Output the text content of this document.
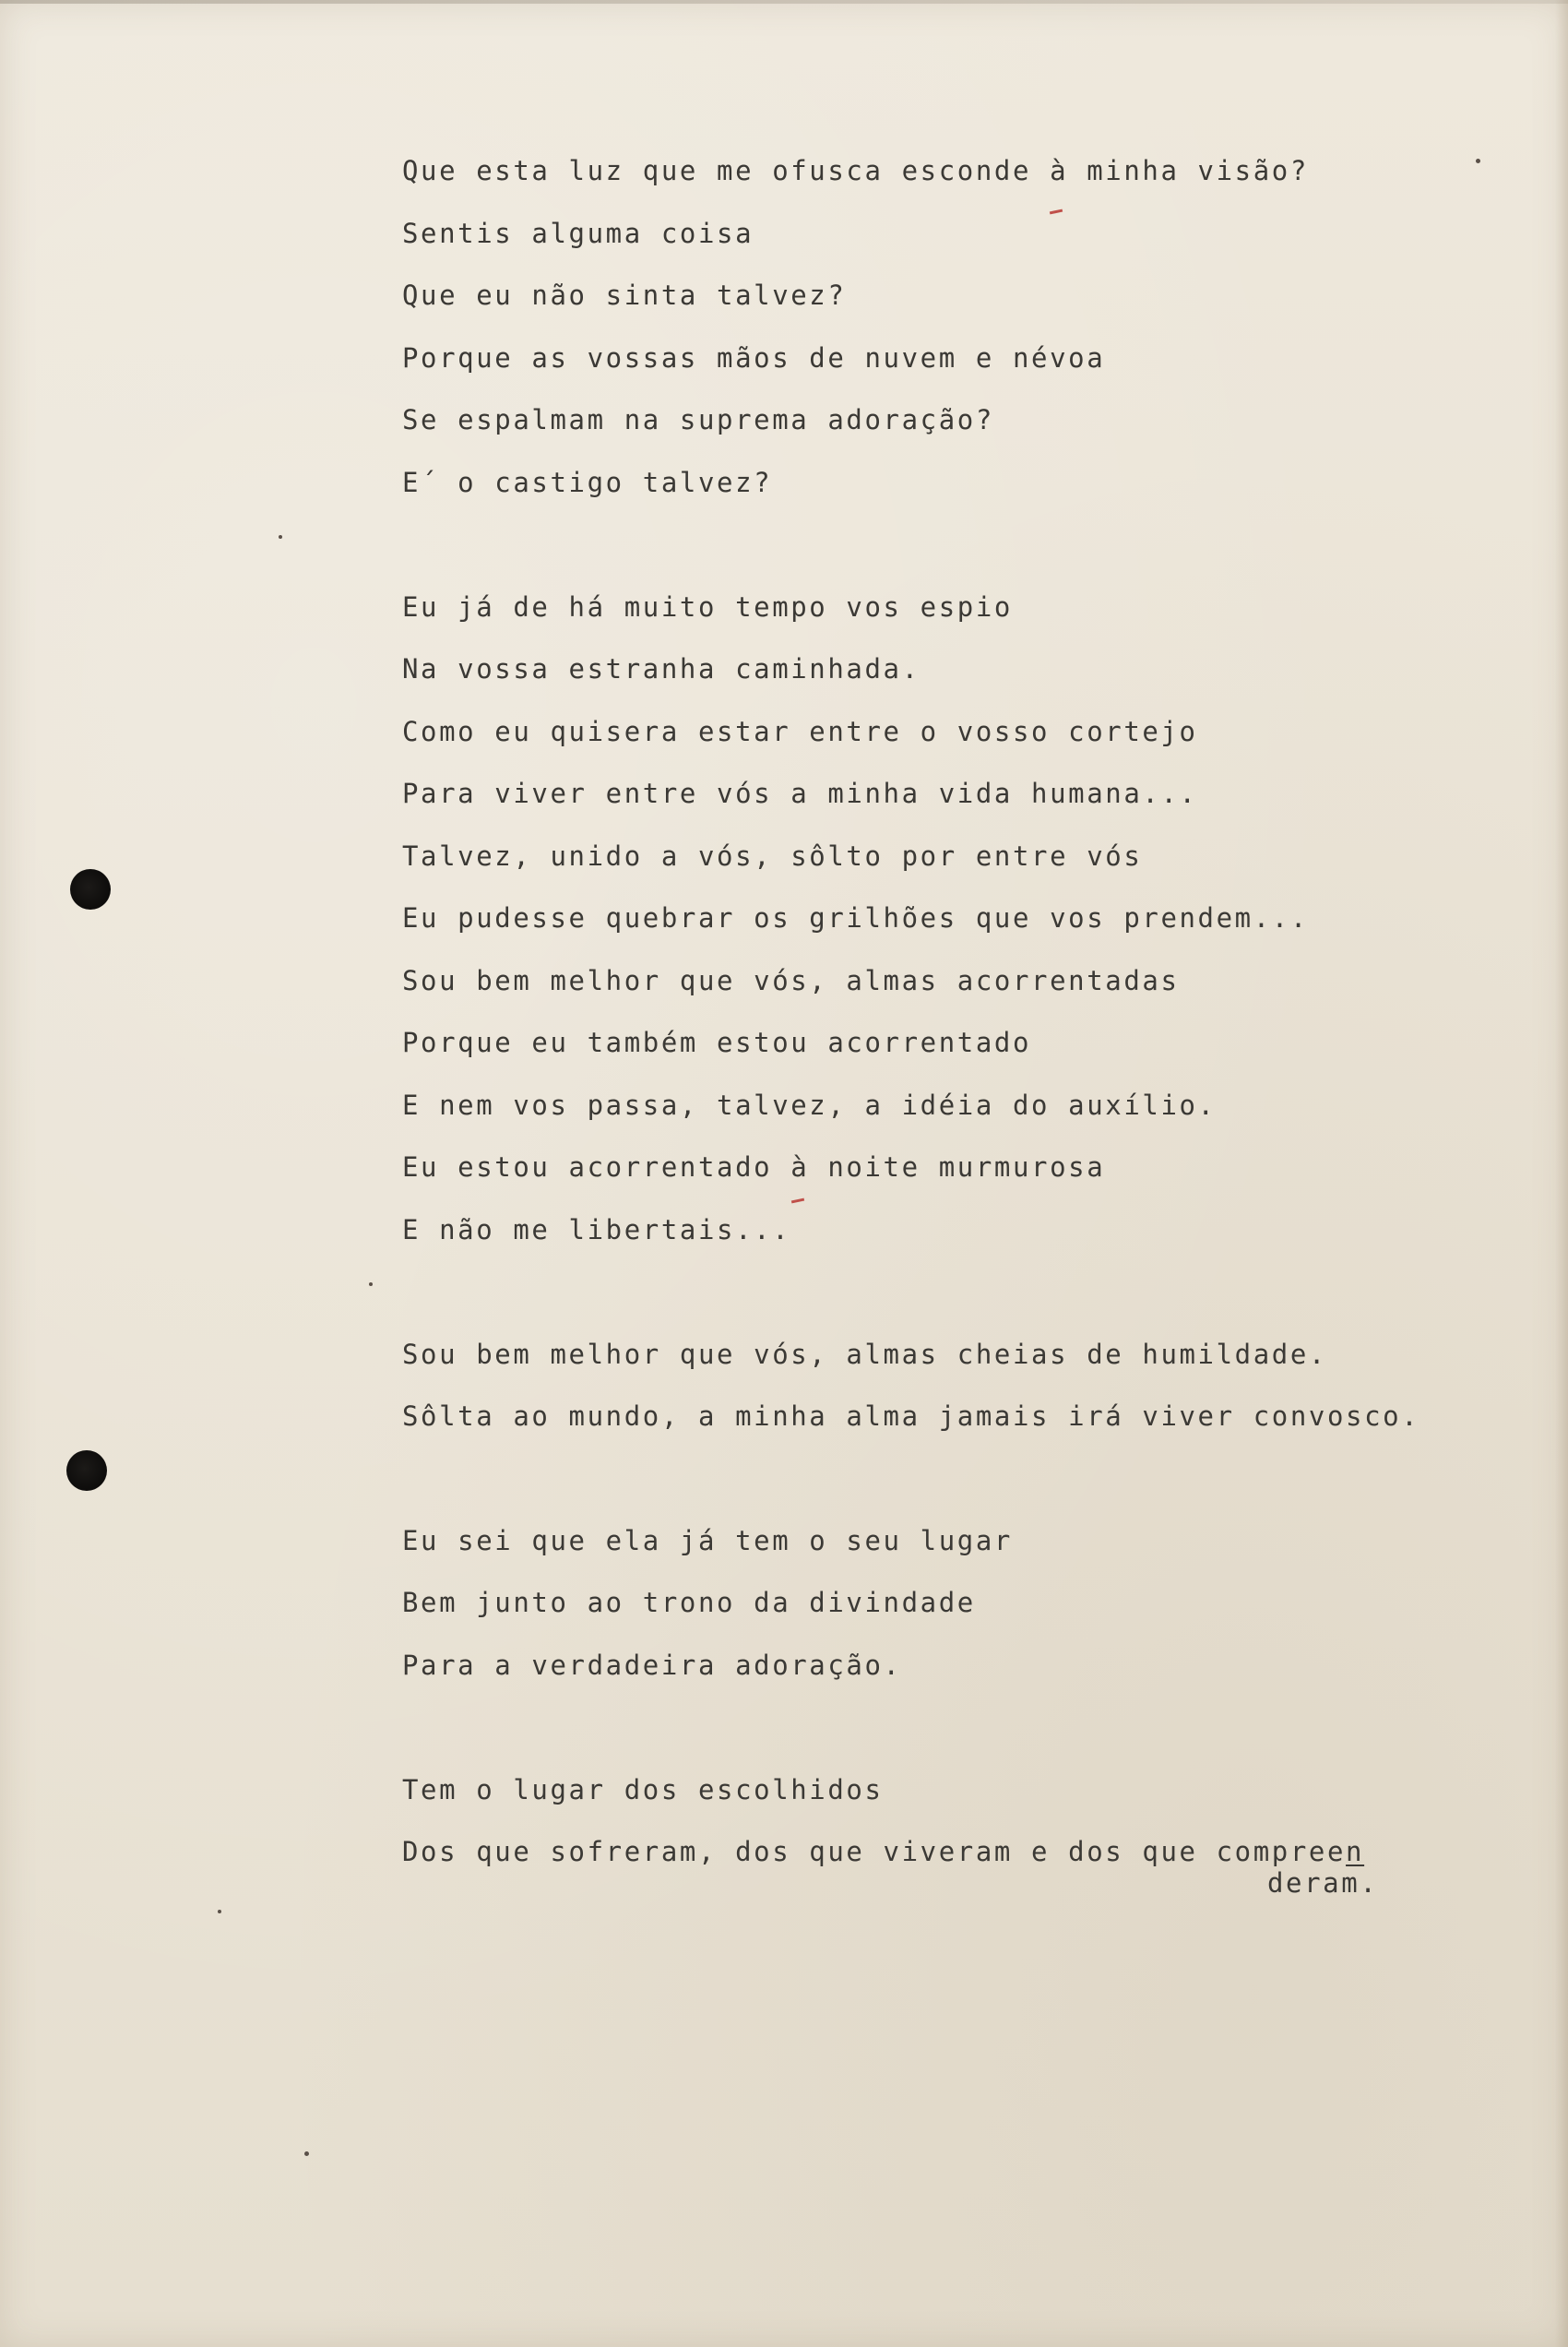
Que esta luz que me ofusca esconde à minha visão?
Sentis alguma coisa
Que eu não sinta talvez?
Porque as vossas mãos de nuvem e névoa
Se espalmam na suprema adoração?
E´ o castigo talvez?
Eu já de há muito tempo vos espio
Na vossa estranha caminhada.
Como eu quisera estar entre o vosso cortejo
Para viver entre vós a minha vida humana...
Talvez, unido a vós, sôlto por entre vós
Eu pudesse quebrar os grilhões que vos prendem...
Sou bem melhor que vós, almas acorrentadas
Porque eu também estou acorrentado
E nem vos passa, talvez, a idéia do auxílio.
Eu estou acorrentado à noite murmurosa
E não me libertais...
Sou bem melhor que vós, almas cheias de humildade.
Sôlta ao mundo, a minha alma jamais irá viver convosco.
Eu sei que ela já tem o seu lugar
Bem junto ao trono da divindade
Para a verdadeira adoração.
Tem o lugar dos escolhidos
Dos que sofreram, dos que viveram e dos que compreen
deram.
